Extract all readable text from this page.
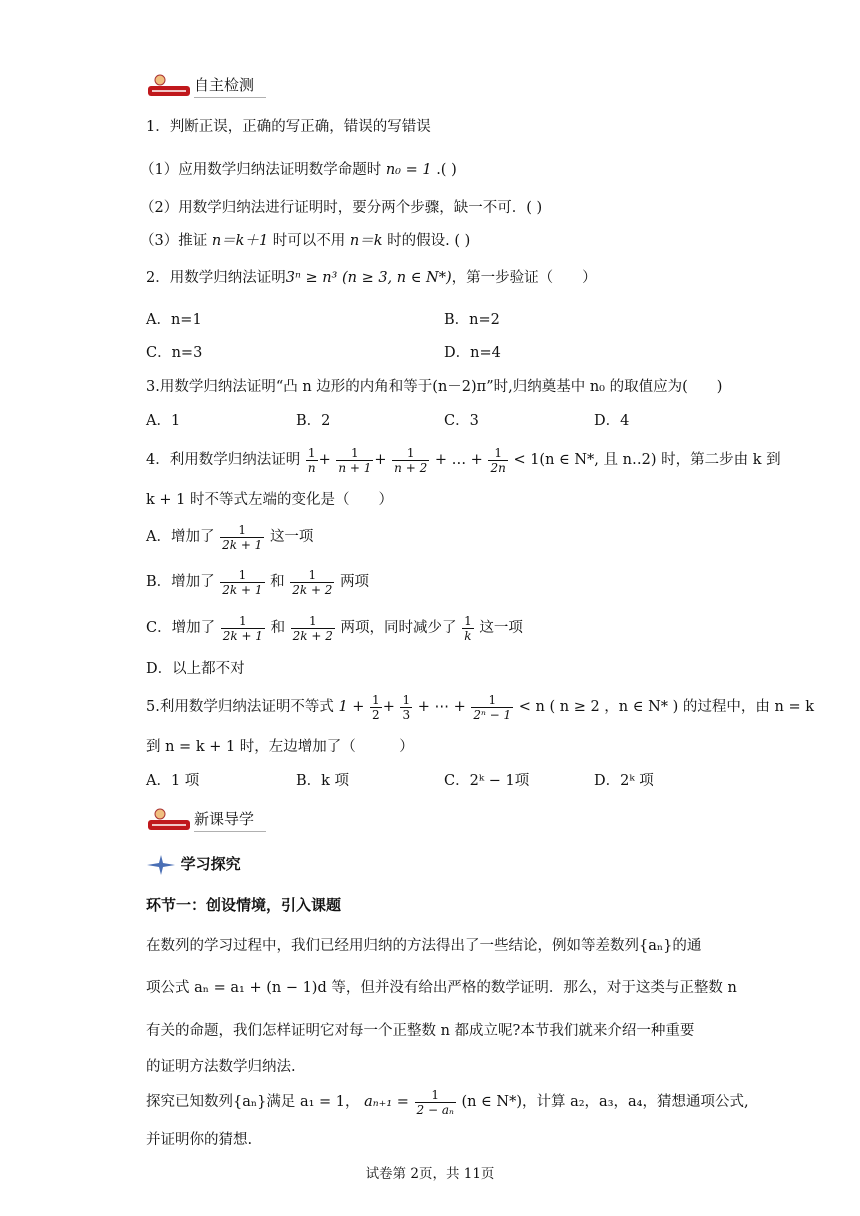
自主检测
1．判断正误，正确的写正确，错误的写错误
（1）应用数学归纳法证明数学命题时 n₀ = 1 .( )
（2）用数学归纳法进行证明时，要分两个步骤，缺一不可．( )
（3）推证 n＝k＋1 时可以不用 n＝k 时的假设. ( )
2．用数学归纳法证明3ⁿ ≥ n³ (n ≥ 3, n ∈ N*)，第一步验证（　　）
A．n=1	B．n=2
C．n=3	D．n=4
3.用数学归纳法证明“凸 n 边形的内角和等于(n－2)π”时,归纳奠基中 n₀ 的取值应为(　　)
A．1	B．2	C．3	D．4
4．利用数学归纳法证明 $\frac{1}{n} + \frac{1}{n + 1} + \frac{1}{n + 2}$ + … + $\frac{1}{2n} < 1(n$ ∈ N*, 且 n‥2) 时，第二步由 k 到
k + 1 时不等式左端的变化是（　　）
A．增加了 $\frac{1}{2k + 1}$ 这一项
B．增加了 $\frac{1}{2k + 1}$ 和 $\frac{1}{2k + 2}$ 两项
C．增加了 $\frac{1}{2k + 1}$ 和 $\frac{1}{2k + 2}$ 两项，同时减少了 $\frac{1}{k}$ 这一项
D．以上都不对
5.利用数学归纳法证明不等式 $1 + \frac{1}{2} + \frac{1}{3}$ + ⋯ + $\frac{1}{\text{2ⁿ − 1}} < n$ ( n ≥ 2 ，n ∈ N* ) 的过程中，由 n = k
到 n = k + 1 时，左边增加了（　　　）
A．1 项	B．k 项	C．2ᵏ − 1项	D．2ᵏ 项
新课导学
学习探究
环节一：创设情境，引入课题
在数列的学习过程中，我们已经用归纳的方法得出了一些结论，例如等差数列{aₙ}的通
项公式 aₙ = a₁ + (n − 1)d 等，但并没有给出严格的数学证明．那么，对于这类与正整数 n
有关的命题，我们怎样证明它对每一个正整数 n 都成立呢?本节我们就来介绍一种重要
的证明方法数学归纳法.
探究已知数列{aₙ}满足 a₁ = 1， $a_{n+1} = \frac{1}{\text{2 − aₙ}} (n$ ∈ N*)，计算 a₂，a₃，a₄，猜想通项公式,
并证明你的猜想.
试卷第 2页，共 11页
